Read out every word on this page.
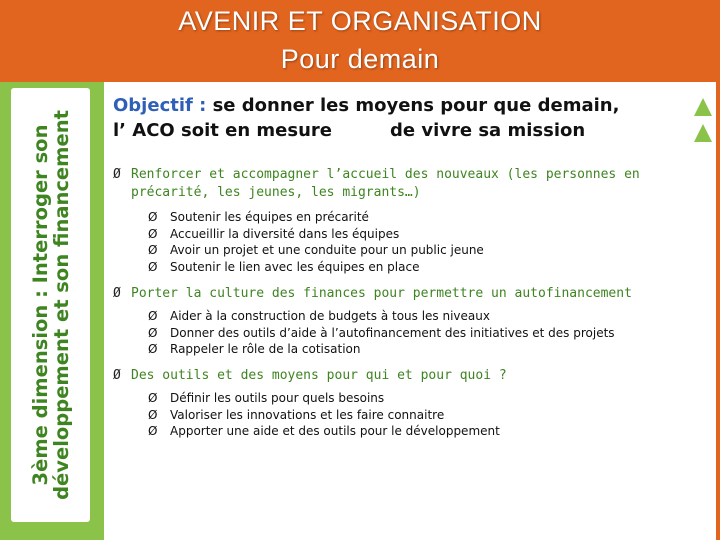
AVENIR ET ORGANISATION
Pour demain
3ème dimension : Interroger son développement et son financement
Objectif : se donner les moyens pour que demain,
l’ ACO soit en mesure	de vivre sa mission
Ø Renforcer et accompagner l’accueil des nouveaux (les personnes en précarité, les jeunes, les migrants…)
Ø Soutenir les équipes en précarité
Ø Accueillir la diversité dans les équipes
Ø Avoir un projet et une conduite pour un public jeune
Ø Soutenir le lien avec les équipes en place
Ø Porter la culture des finances pour permettre un autofinancement
Ø Aider à la construction de budgets à tous les niveaux
Ø Donner des outils d’aide à l’autofinancement des initiatives et des projets
Ø Rappeler le rôle de la cotisation
Ø Des outils et des moyens pour qui et pour quoi ?
Ø Définir les outils pour quels besoins
Ø Valoriser les innovations et les faire connaitre
Ø Apporter une aide et des outils pour le développement
